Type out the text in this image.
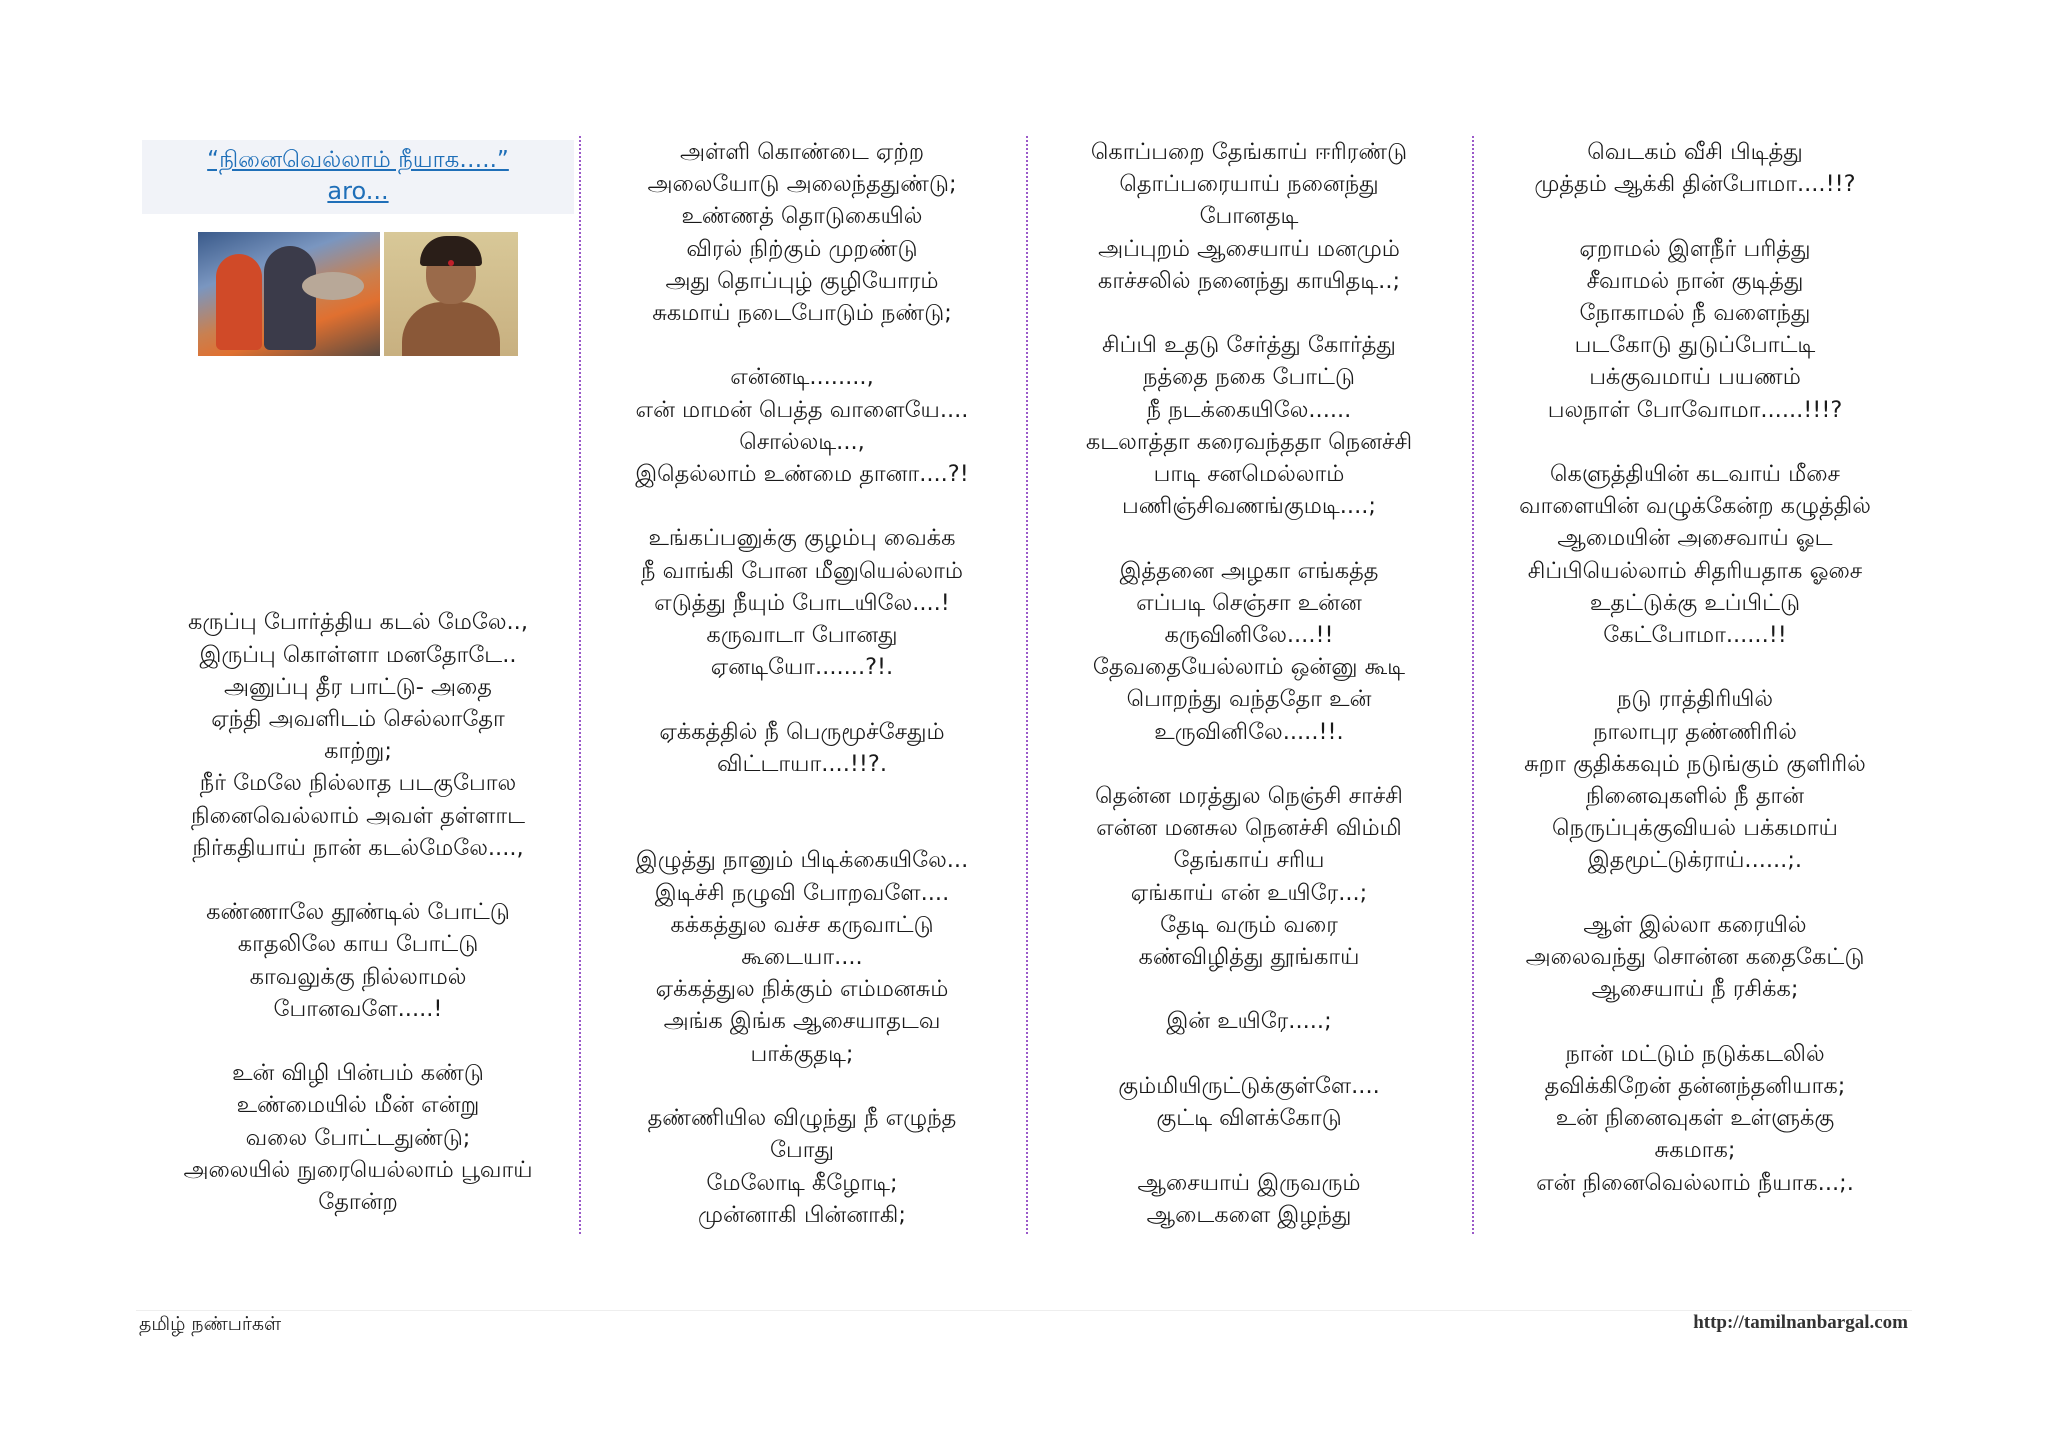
“நினைவெல்லாம் நீயாக…..”
aro...
கருப்பு போர்த்திய கடல் மேலே..,
இருப்பு கொள்ளா மனதோடே..
அனுப்பு தீர பாட்டு- அதை
ஏந்தி அவளிடம் செல்லாதோ
காற்று;
நீர் மேலே நில்லாத படகுபோல
நினைவெல்லாம் அவள் தள்ளாட
நிர்கதியாய் நான் கடல்மேலே....,

கண்ணாலே தூண்டில் போட்டு
காதலிலே காய போட்டு
காவலுக்கு நில்லாமல்
போனவளே.....!

உன் விழி பின்பம் கண்டு
உண்மையில் மீன் என்று
வலை போட்டதுண்டு;
அலையில் நுரையெல்லாம் பூவாய்
தோன்ற
அள்ளி கொண்டை ஏற்ற
அலையோடு அலைந்ததுண்டு;
உண்ணத் தொடுகையில்
விரல் நிற்கும் முறண்டு
அது தொப்புழ் குழியோரம்
சுகமாய் நடைபோடும் நண்டு;

என்னடி........,
என் மாமன் பெத்த வாளையே....
சொல்லடி...,
இதெல்லாம் உண்மை தானா....?!

உங்கப்பனுக்கு குழம்பு வைக்க
நீ வாங்கி போன மீனுயெல்லாம்
எடுத்து நீயும் போடயிலே....!
கருவாடா போனது
ஏனடியோ.......?!.

ஏக்கத்தில் நீ பெருமூச்சேதும்
விட்டாயா....!!?.

இழுத்து நானும் பிடிக்கையிலே...
இடிச்சி நழுவி போறவளே....
கக்கத்துல வச்ச கருவாட்டு
கூடையா....
ஏக்கத்துல நிக்கும் எம்மனசும்
அங்க இங்க ஆசையாதடவ
பாக்குதடி;

தண்ணியில விழுந்து நீ எழுந்த
போது
மேலோடி கீழோடி;
முன்னாகி பின்னாகி;
கொப்பறை தேங்காய் ஈரிரண்டு
தொப்பரையாய் நனைந்து
போனதடி
அப்புறம் ஆசையாய் மனமும்
காச்சலில் நனைந்து காயிதடி..;

சிப்பி உதடு சேர்த்து கோர்த்து
நத்தை நகை போட்டு
நீ நடக்கையிலே......
கடலாத்தா கரைவந்ததா நெனச்சி
பாடி சனமெல்லாம்
பணிஞ்சிவணங்குமடி....;

இத்தனை அழகா எங்கத்த
எப்படி செஞ்சா உன்ன
கருவினிலே....!!
தேவதையேல்லாம் ஒன்னு கூடி
பொறந்து வந்ததோ உன்
உருவினிலே.....!!.

தென்ன மரத்துல நெஞ்சி சாச்சி
என்ன மனசுல நெனச்சி விம்மி
தேங்காய் சரிய
ஏங்காய் என் உயிரே...;
தேடி வரும் வரை
கண்விழித்து தூங்காய்

இன் உயிரே.....;

கும்மியிருட்டுக்குள்ளே....
குட்டி விளக்கோடு

ஆசையாய் இருவரும்
ஆடைகளை இழந்து
வெடகம் வீசி பிடித்து
முத்தம் ஆக்கி தின்போமா....!!?

ஏறாமல் இளநீர் பரித்து
சீவாமல் நான் குடித்து
நோகாமல் நீ வளைந்து
படகோடு துடுப்போட்டி
பக்குவமாய் பயணம்
பலநாள் போவோமா......!!!?

கெளுத்தியின் கடவாய் மீசை
வாளையின் வழுக்கேன்ற கழுத்தில்
ஆமையின் அசைவாய் ஓட
சிப்பியெல்லாம் சிதரியதாக ஓசை
உதட்டுக்கு உப்பிட்டு
கேட்போமா......!!

நடு ராத்திரியில்
நாலாபுர தண்ணிரில்
சுறா குதிக்கவும் நடுங்கும் குளிரில்
நினைவுகளில் நீ தான்
நெருப்புக்குவியல் பக்கமாய்
இதமூட்டுக்ராய்......;.

ஆள் இல்லா கரையில்
அலைவந்து சொன்ன கதைகேட்டு
ஆசையாய் நீ ரசிக்க;

நான் மட்டும் நடுக்கடலில்
தவிக்கிறேன் தன்னந்தனியாக;
உன் நினைவுகள் உள்ளுக்கு
சுகமாக;
என் நினைவெல்லாம் நீயாக...;.
தமிழ் நண்பர்கள்	http://tamilnanbargal.com
